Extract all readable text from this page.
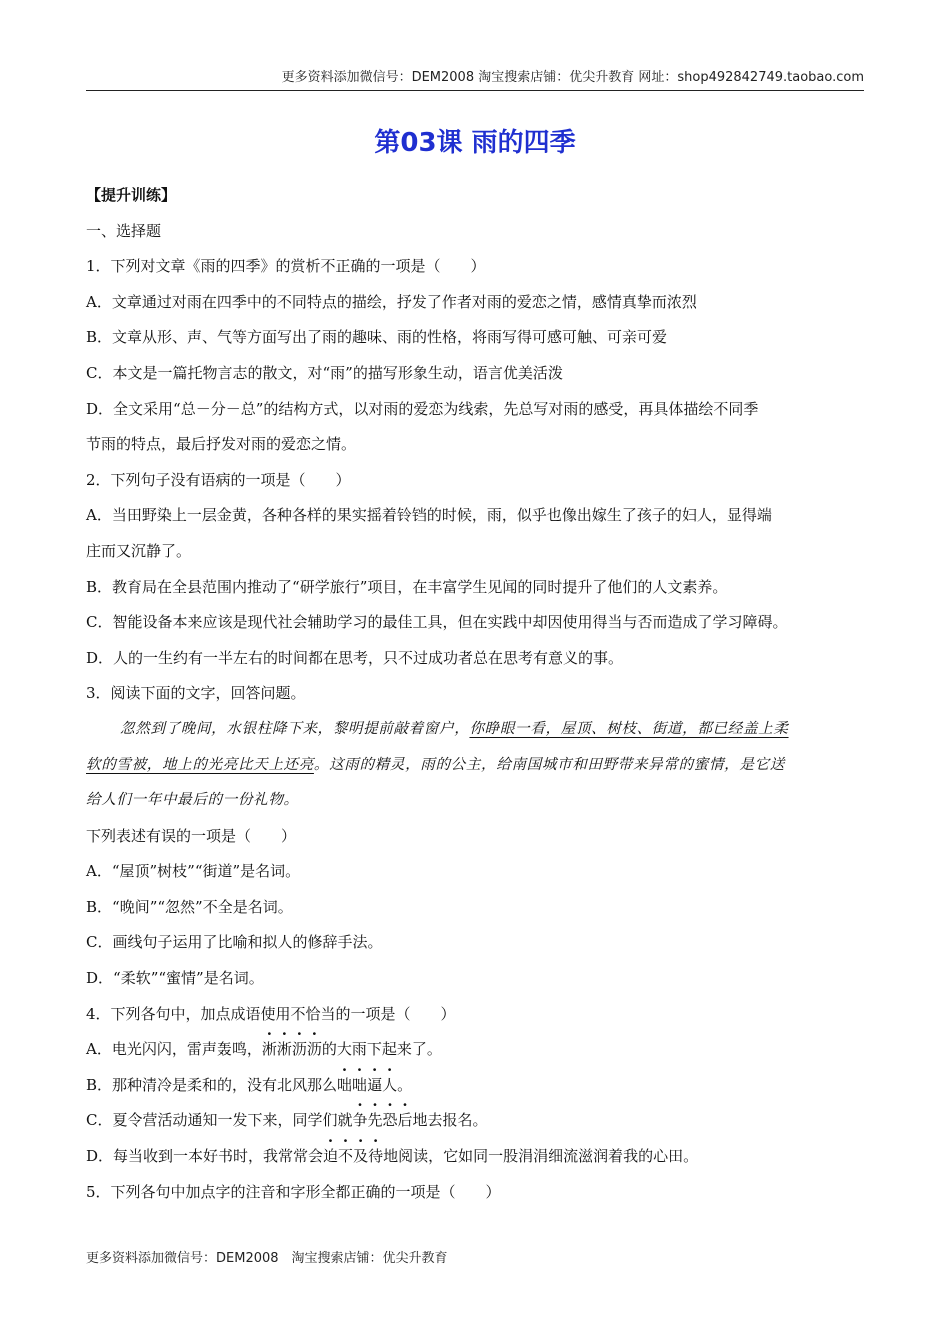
更多资料添加微信号：DEM2008 淘宝搜索店铺：优尖升教育 网址：shop492842749.taobao.com
第03课 雨的四季
【提升训练】
一、选择题
1．下列对文章《雨的四季》的赏析不正确的一项是（　　）
A．文章通过对雨在四季中的不同特点的描绘，抒发了作者对雨的爱恋之情，感情真挚而浓烈
B．文章从形、声、气等方面写出了雨的趣味、雨的性格，将雨写得可感可触、可亲可爱
C．本文是一篇托物言志的散文，对“雨”的描写形象生动，语言优美活泼
D．全文采用“总－分－总”的结构方式，以对雨的爱恋为线索，先总写对雨的感受，再具体描绘不同季
节雨的特点，最后抒发对雨的爱恋之情。
2．下列句子没有语病的一项是（　　）
A．当田野染上一层金黄，各种各样的果实摇着铃铛的时候，雨，似乎也像出嫁生了孩子的妇人，显得端
庄而又沉静了。
B．教育局在全县范围内推动了“研学旅行”项目，在丰富学生见闻的同时提升了他们的人文素养。
C．智能设备本来应该是现代社会辅助学习的最佳工具，但在实践中却因使用得当与否而造成了学习障碍。
D．人的一生约有一半左右的时间都在思考，只不过成功者总在思考有意义的事。
3．阅读下面的文字，回答问题。
忽然到了晚间，水银柱降下来，黎明提前敲着窗户，你睁眼一看，屋顶、树枝、街道，都已经盖上柔
软的雪被，地上的光亮比天上还亮。这雨的精灵，雨的公主，给南国城市和田野带来异常的蜜情，是它送
给人们一年中最后的一份礼物。
下列表述有误的一项是（　　）
A．“屋顶”树枝”“街道”是名词。
B．“晚间”“忽然”不全是名词。
C．画线句子运用了比喻和拟人的修辞手法。
D．“柔软”“蜜情”是名词。
4．下列各句中，加点成语使用不恰当的一项是（　　）
A．电光闪闪，雷声轰鸣，淅淅沥沥的大雨下起来了。
B．那种清冷是柔和的，没有北风那么咄咄逼人。
C．夏令营活动通知一发下来，同学们就争先恐后地去报名。
D．每当收到一本好书时，我常常会迫不及待地阅读，它如同一股涓涓细流滋润着我的心田。
5．下列各句中加点字的注音和字形全都正确的一项是（　　）
更多资料添加微信号：DEM2008　淘宝搜索店铺：优尖升教育
